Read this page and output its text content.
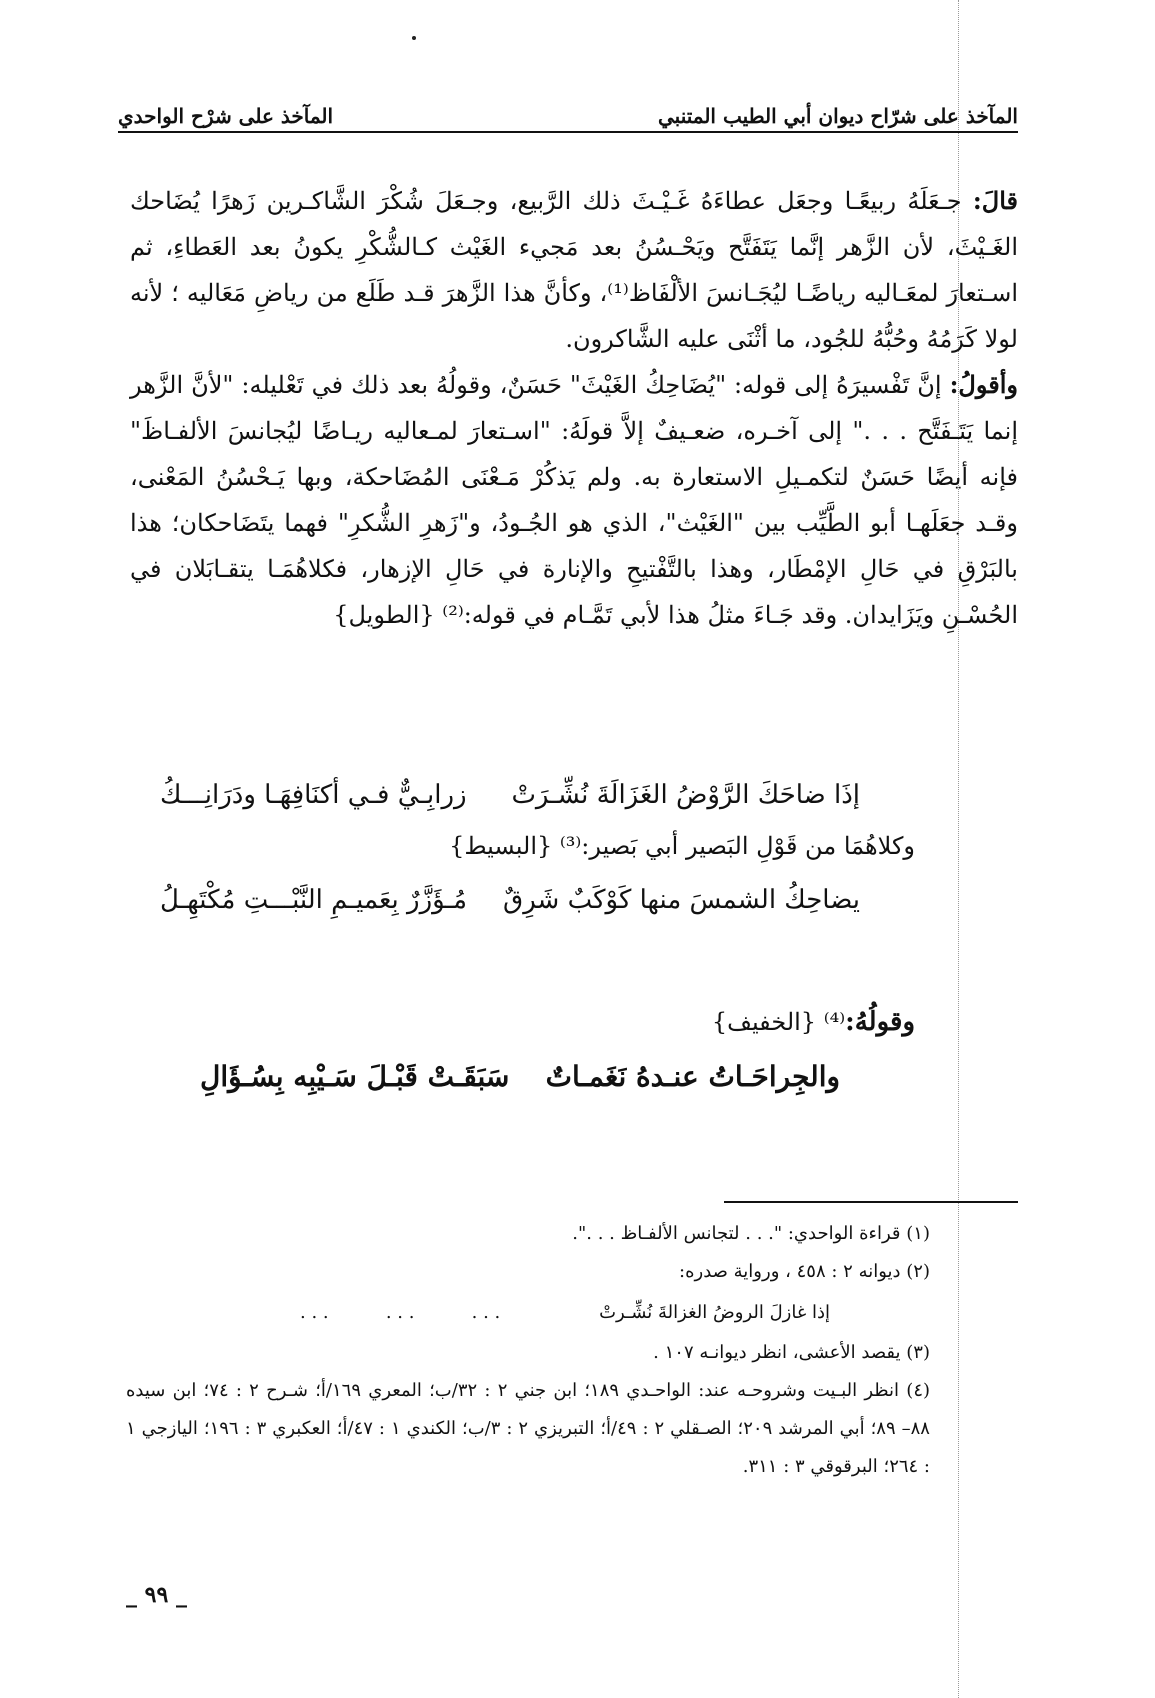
المآخذ على شرّاح ديوان أبي الطيب المتنبي
المآخذ على شرْح الواحدي

قالَ: جـعَلَهُ ربيعًـا وجعَل عطاءَهُ غَـيْـثَ ذلك الرَّبيع، وجـعَلَ شُكْرَ الشَّاكـرين زَهرًا يُضَاحك الغَـيْثَ، لأن الزَّهر إنَّما يَتَفَتَّح ويَحْـسُنُ بعد مَجيء الغَيْث كـالشُّكْرِ يكونُ بعد العَطاءِ، ثم اسـتعارَ لمعَـاليه رياضًـا ليُجَـانسَ الألْفَاظ⁽¹⁾، وكأنَّ هذا الزَّهرَ قـد طَلَع من رياضِ مَعَاليه ؛ لأنه لولا كَرَمُهُ وحُبُّهُ للجُود، ما أثْنَى عليه الشَّاكرون.

وأقولُ: إنَّ تَفْسيرَهُ إلى قوله: "يُضَاحِكُ الغَيْثَ" حَسَنٌ، وقولُهُ بعد ذلك في تَعْليله: "لأنَّ الزَّهر إنما يَتَـفَتَّح . . ." إلى آخـره، ضعـيفٌ إلاَّ قولَهُ: "اسـتعارَ لمـعاليه ريـاضًا ليُجانسَ الألفـاظَ" فإنه أيضًا حَسَنٌ لتكمـيلِ الاستعارة به. ولم يَذكُرْ مَـعْنَى المُضَاحكة، وبها يَـحْسُنُ المَعْنى، وقـد جعَلَهـا أبو الطَّيِّب بين "الغَيْث"، الذي هو الجُـودُ، و"زَهرِ الشُّكرِ" فهما يتَضَاحكان؛ هذا بالبَرْقِ في حَالِ الإمْطَار، وهذا بالتَّفْتيحِ والإنارة في حَالِ الإزهار، فكلاهُمَـا يتقـابَلان في الحُسْـنِ ويَزَايدان. وقد جَـاءَ مثلُ هذا لأبي تَمَّـام في قوله:⁽²⁾ {الطويل}

إذَا ضاحَكَ الرَّوْضُ الغَزَالَةَ نُشِّـرَتْ
زرابِـيٌّ فـي أكنَافِهَـا ودَرَانِـــكُ
وكلاهُمَا من قَوْلِ البَصير أبي بَصير:⁽³⁾ {البسيط}
يضاحِكُ الشمسَ منها كَوْكَبٌ شَرِقٌ
مُـؤَزَّرٌ بِعَميـمِ النَّبْـــتِ مُكْتَهِـلُ
وقولُهُ:⁽⁴⁾ {الخفيف}
والجِراحَـاتُ عنـدهُ نَغَمـاتٌ
سَبَقَـتْ قَبْـلَ سَـيْبِه بِسُـؤَالِ
(١) قراءة الواحدي: ". . . لتجانس الألفـاظ . . .".
(٢) ديوانه ٢ : ٤٥٨ ، ورواية صدره:
إذا غازلَ الروضُ الغزالةَ نُشِّـرتْ
. . .          . . .          . . .
(٣) يقصد الأعشى، انظر ديوانـه ١٠٧ .
(٤) انظر البـيت وشروحـه عند: الواحـدي ١٨٩؛ ابن جني ٢ : ٣٢/ب؛ المعري ١٦٩/أ؛ شـرح ٢ : ٧٤؛ ابن سيده ٨٨– ٨٩؛ أبي المرشد ٢٠٩؛ الصـقلي ٢ : ٤٩/أ؛ التبريزي ٢ : ٣/ب؛ الكندي ١ : ٤٧/أ؛ العكبري ٣ : ١٩٦؛ اليازجي ١ : ٢٦٤؛ البرقوقي ٣ : ٣١١.
_ ٩٩ _
